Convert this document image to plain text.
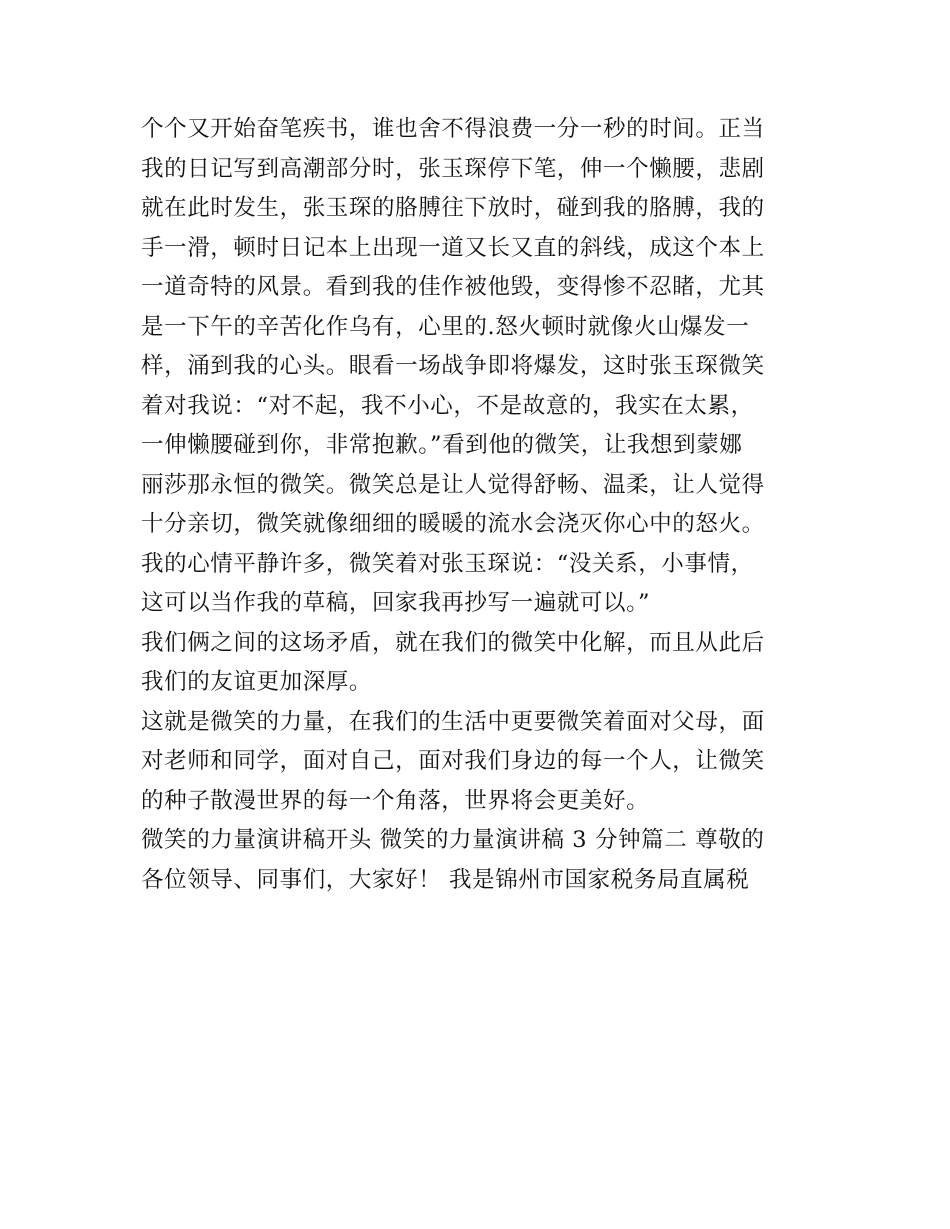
个个又开始奋笔疾书，谁也舍不得浪费一分一秒的时间。正当
我的日记写到高潮部分时，张玉琛停下笔，伸一个懒腰，悲剧
就在此时发生，张玉琛的胳膊往下放时，碰到我的胳膊，我的
手一滑，顿时日记本上出现一道又长又直的斜线，成这个本上
一道奇特的风景。看到我的佳作被他毁，变得惨不忍睹，尤其
是一下午的辛苦化作乌有，心里的.怒火顿时就像火山爆发一
样，涌到我的心头。眼看一场战争即将爆发，这时张玉琛微笑
着对我说：“对不起，我不小心，不是故意的，我实在太累，
一伸懒腰碰到你，非常抱歉。”看到他的微笑，让我想到蒙娜
丽莎那永恒的微笑。微笑总是让人觉得舒畅、温柔，让人觉得
十分亲切，微笑就像细细的暖暖的流水会浇灭你心中的怒火。
我的心情平静许多，微笑着对张玉琛说：“没关系，小事情，
这可以当作我的草稿，回家我再抄写一遍就可以。”
我们俩之间的这场矛盾，就在我们的微笑中化解，而且从此后
我们的友谊更加深厚。
这就是微笑的力量，在我们的生活中更要微笑着面对父母，面
对老师和同学，面对自己，面对我们身边的每一个人，让微笑
的种子散漫世界的每一个角落，世界将会更美好。
微笑的力量演讲稿开头 微笑的力量演讲稿 3 分钟篇二 尊敬的
各位领导、同事们，大家好！ 我是锦州市国家税务局直属税
